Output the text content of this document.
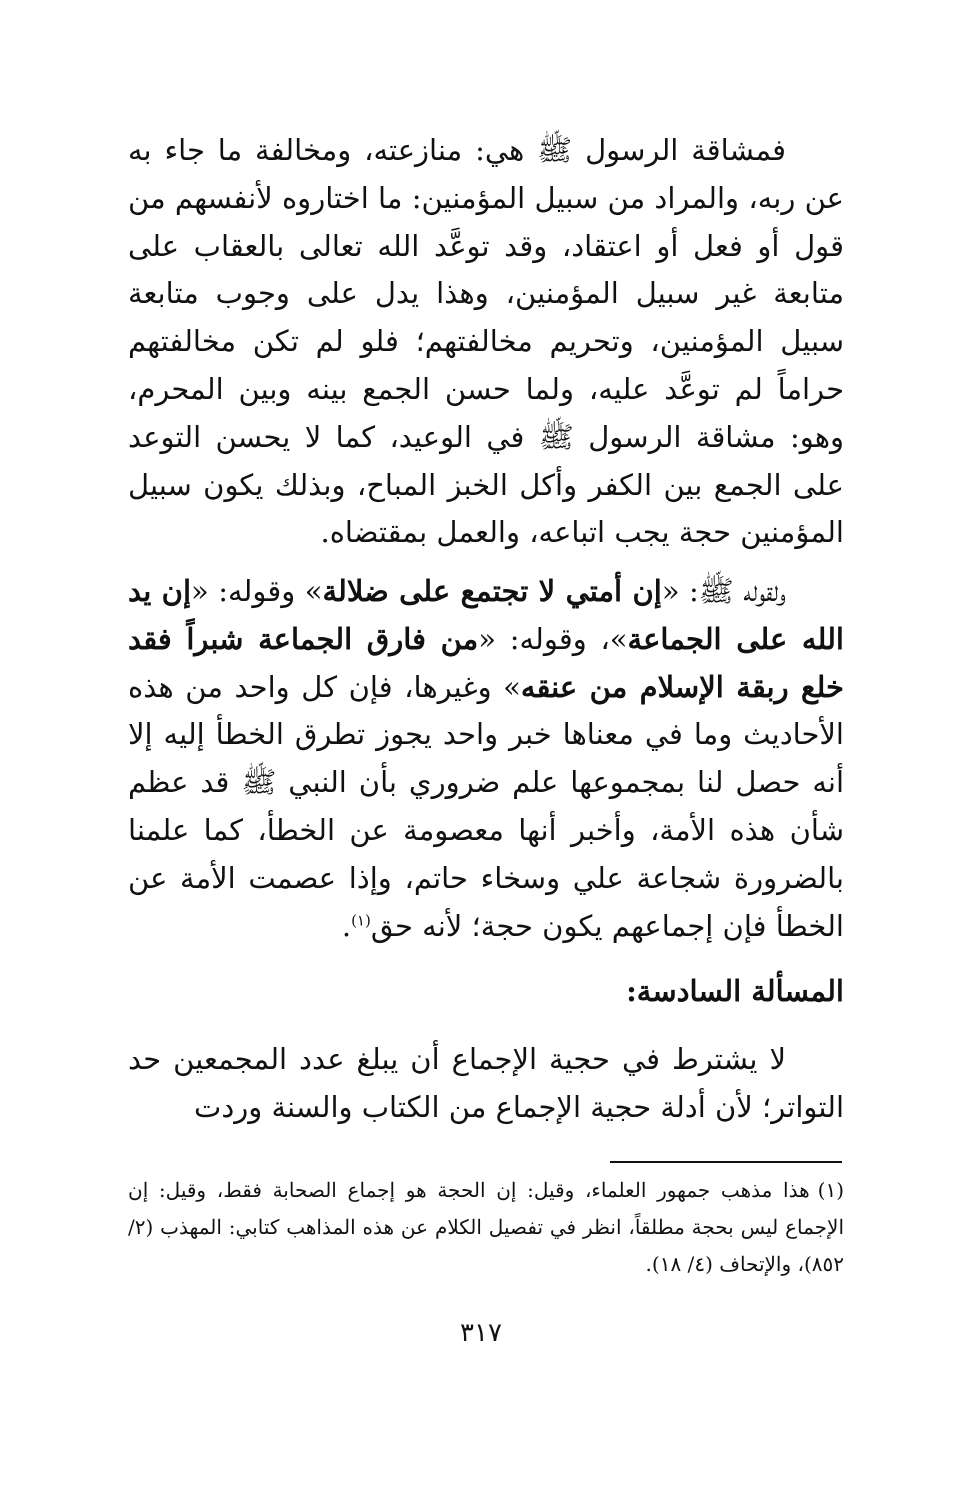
فمشاقة الرسول ﷺ هي: منازعته، ومخالفة ما جاء به عن ربه، والمراد من سبيل المؤمنين: ما اختاروه لأنفسهم من قول أو فعل أو اعتقاد، وقد توعَّد الله تعالى بالعقاب على متابعة غير سبيل المؤمنين، وهذا يدل على وجوب متابعة سبيل المؤمنين، وتحريم مخالفتهم؛ فلو لم تكن مخالفتهم حراماً لم توعَّد عليه، ولما حسن الجمع بينه وبين المحرم، وهو: مشاقة الرسول ﷺ في الوعيد، كما لا يحسن التوعد على الجمع بين الكفر وأكل الخبز المباح، وبذلك يكون سبيل المؤمنين حجة يجب اتباعه، والعمل بمقتضاه.

ولقوله ﷺ: «إن أمتي لا تجتمع على ضلالة» وقوله: «إن يد الله على الجماعة»، وقوله: «من فارق الجماعة شبراً فقد خلع ربقة الإسلام من عنقه» وغيرها، فإن كل واحد من هذه الأحاديث وما في معناها خبر واحد يجوز تطرق الخطأ إليه إلا أنه حصل لنا بمجموعها علم ضروري بأن النبي ﷺ قد عظم شأن هذه الأمة، وأخبر أنها معصومة عن الخطأ، كما علمنا بالضرورة شجاعة علي وسخاء حاتم، وإذا عصمت الأمة عن الخطأ فإن إجماعهم يكون حجة؛ لأنه حق$^{(١)}$.

المسألة السادسة:

لا يشترط في حجية الإجماع أن يبلغ عدد المجمعين حد التواتر؛ لأن أدلة حجية الإجماع من الكتاب والسنة وردت

(١)هذا مذهب جمهور العلماء، وقيل: إن الحجة هو إجماع الصحابة فقط، وقيل: إن الإجماع ليس بحجة مطلقاً، انظر في تفصيل الكلام عن هذه المذاهب كتابي: المهذب (٢/ ٨٥٢)، والإتحاف (٤/ ١٨).

٣١٧
